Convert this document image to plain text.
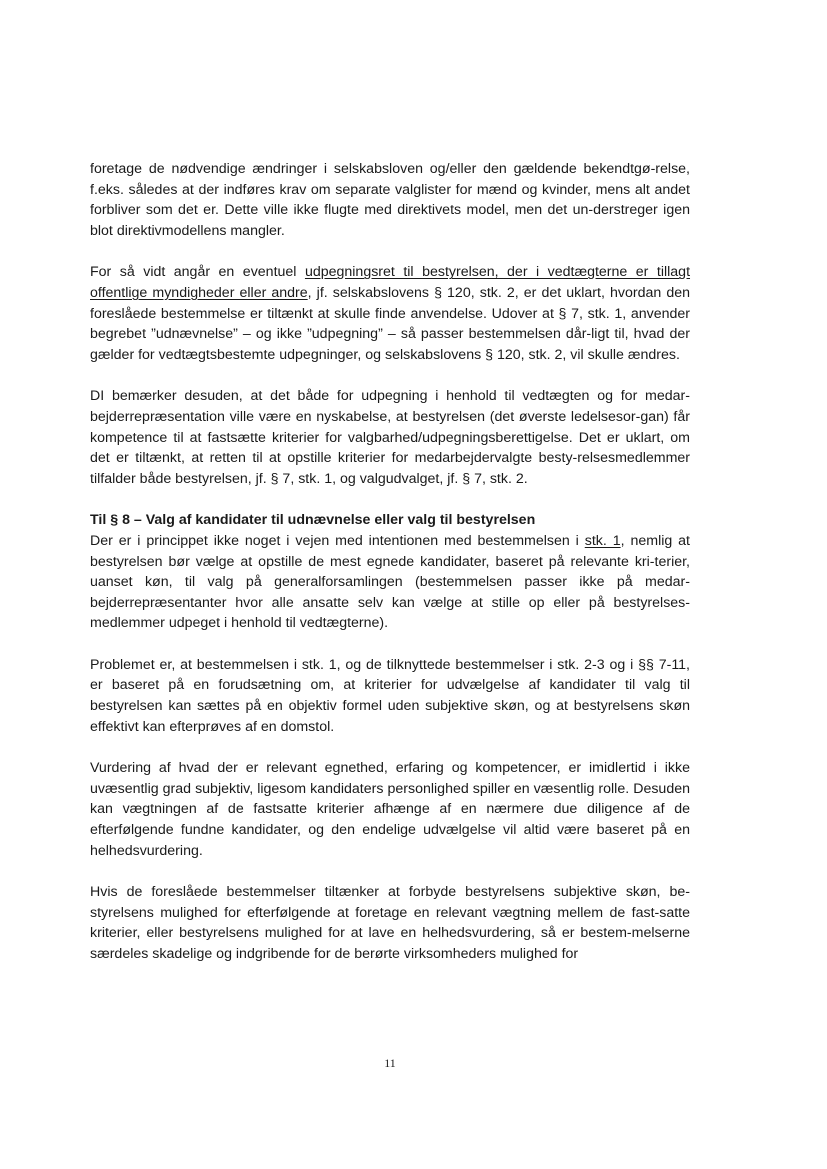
foretage de nødvendige ændringer i selskabsloven og/eller den gældende bekendtgø-relse, f.eks. således at der indføres krav om separate valglister for mænd og kvinder, mens alt andet forbliver som det er. Dette ville ikke flugte med direktivets model, men det un-derstreger igen blot direktivmodellens mangler.

For så vidt angår en eventuel udpegningsret til bestyrelsen, der i vedtægterne er tillagt offentlige myndigheder eller andre, jf. selskabslovens § 120, stk. 2, er det uklart, hvordan den foreslåede bestemmelse er tiltænkt at skulle finde anvendelse. Udover at § 7, stk. 1, anvender begrebet ”udnævnelse” – og ikke ”udpegning” – så passer bestemmelsen dår-ligt til, hvad der gælder for vedtægtsbestemte udpegninger, og selskabslovens § 120, stk. 2, vil skulle ændres.

DI bemærker desuden, at det både for udpegning i henhold til vedtægten og for medar-bejderrepræsentation ville være en nyskabelse, at bestyrelsen (det øverste ledelsesor-gan) får kompetence til at fastsætte kriterier for valgbarhed/udpegningsberettigelse. Det er uklart, om det er tiltænkt, at retten til at opstille kriterier for medarbejdervalgte besty-relsesmedlemmer tilfalder både bestyrelsen, jf. § 7, stk. 1, og valgudvalget, jf. § 7, stk. 2.

Til § 8 – Valg af kandidater til udnævnelse eller valg til bestyrelsen

Der er i princippet ikke noget i vejen med intentionen med bestemmelsen i stk. 1, nemlig at bestyrelsen bør vælge at opstille de mest egnede kandidater, baseret på relevante kri-terier, uanset køn, til valg på generalforsamlingen (bestemmelsen passer ikke på medar-bejderrepræsentanter hvor alle ansatte selv kan vælge at stille op eller på bestyrelses-medlemmer udpeget i henhold til vedtægterne).

Problemet er, at bestemmelsen i stk. 1, og de tilknyttede bestemmelser i stk. 2-3 og i §§ 7-11, er baseret på en forudsætning om, at kriterier for udvælgelse af kandidater til valg til bestyrelsen kan sættes på en objektiv formel uden subjektive skøn, og at bestyrelsens skøn effektivt kan efterprøves af en domstol.

Vurdering af hvad der er relevant egnethed, erfaring og kompetencer, er imidlertid i ikke uvæsentlig grad subjektiv, ligesom kandidaters personlighed spiller en væsentlig rolle. Desuden kan vægtningen af de fastsatte kriterier afhænge af en nærmere due diligence af de efterfølgende fundne kandidater, og den endelige udvælgelse vil altid være baseret på en helhedsvurdering.

Hvis de foreslåede bestemmelser tiltænker at forbyde bestyrelsens subjektive skøn, be-styrelsens mulighed for efterfølgende at foretage en relevant vægtning mellem de fast-satte kriterier, eller bestyrelsens mulighed for at lave en helhedsvurdering, så er bestem-melserne særdeles skadelige og indgribende for de berørte virksomheders mulighed for

11
